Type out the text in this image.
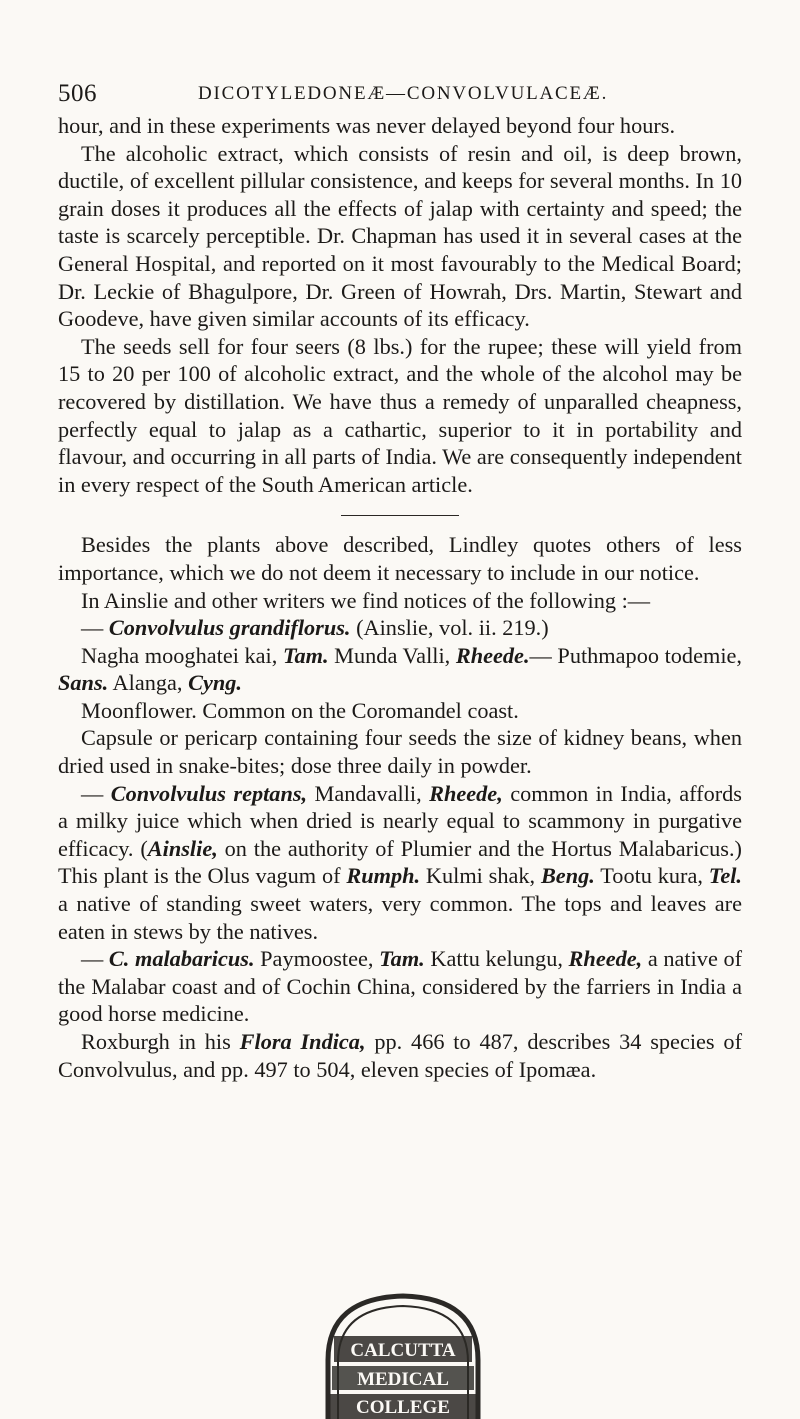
506	DICOTYLEDONEÆ—CONVOLVULACEÆ.

hour, and in these experiments was never delayed beyond four hours.

The alcoholic extract, which consists of resin and oil, is deep brown, ductile, of excellent pillular consistence, and keeps for several months. In 10 grain doses it produces all the effects of jalap with certainty and speed; the taste is scarcely perceptible. Dr. Chapman has used it in several cases at the General Hospital, and reported on it most favourably to the Medical Board; Dr. Leckie of Bhagulpore, Dr. Green of Howrah, Drs. Martin, Stewart and Goodeve, have given similar accounts of its efficacy.

The seeds sell for four seers (8 lbs.) for the rupee; these will yield from 15 to 20 per 100 of alcoholic extract, and the whole of the alcohol may be recovered by distillation. We have thus a remedy of unparalled cheapness, perfectly equal to jalap as a cathartic, superior to it in portability and flavour, and occurring in all parts of India. We are consequently independent in every respect of the South American article.

Besides the plants above described, Lindley quotes others of less importance, which we do not deem it necessary to include in our notice.

In Ainslie and other writers we find notices of the following :—

— Convolvulus grandiflorus. (Ainslie, vol. ii. 219.)

Nagha mooghatei kai, Tam. Munda Valli, Rheede.— Puthmapoo todemie, Sans. Alanga, Cyng.

Moonflower. Common on the Coromandel coast.

Capsule or pericarp containing four seeds the size of kidney beans, when dried used in snake-bites; dose three daily in powder.

— Convolvulus reptans, Mandavalli, Rheede, common in India, affords a milky juice which when dried is nearly equal to scammony in purgative efficacy. (Ainslie, on the authority of Plumier and the Hortus Malabaricus.) This plant is the Olus vagum of Rumph. Kulmi shak, Beng. Tootu kura, Tel. a native of standing sweet waters, very common. The tops and leaves are eaten in stews by the natives.

— C. malabaricus. Paymoostee, Tam. Kattu kelungu, Rheede, a native of the Malabar coast and of Cochin China, considered by the farriers in India a good horse medicine.

Roxburgh in his Flora Indica, pp. 466 to 487, describes 34 species of Convolvulus, and pp. 497 to 504, eleven species of Ipomæa.

CALCUTTA
MEDICAL
COLLEGE
